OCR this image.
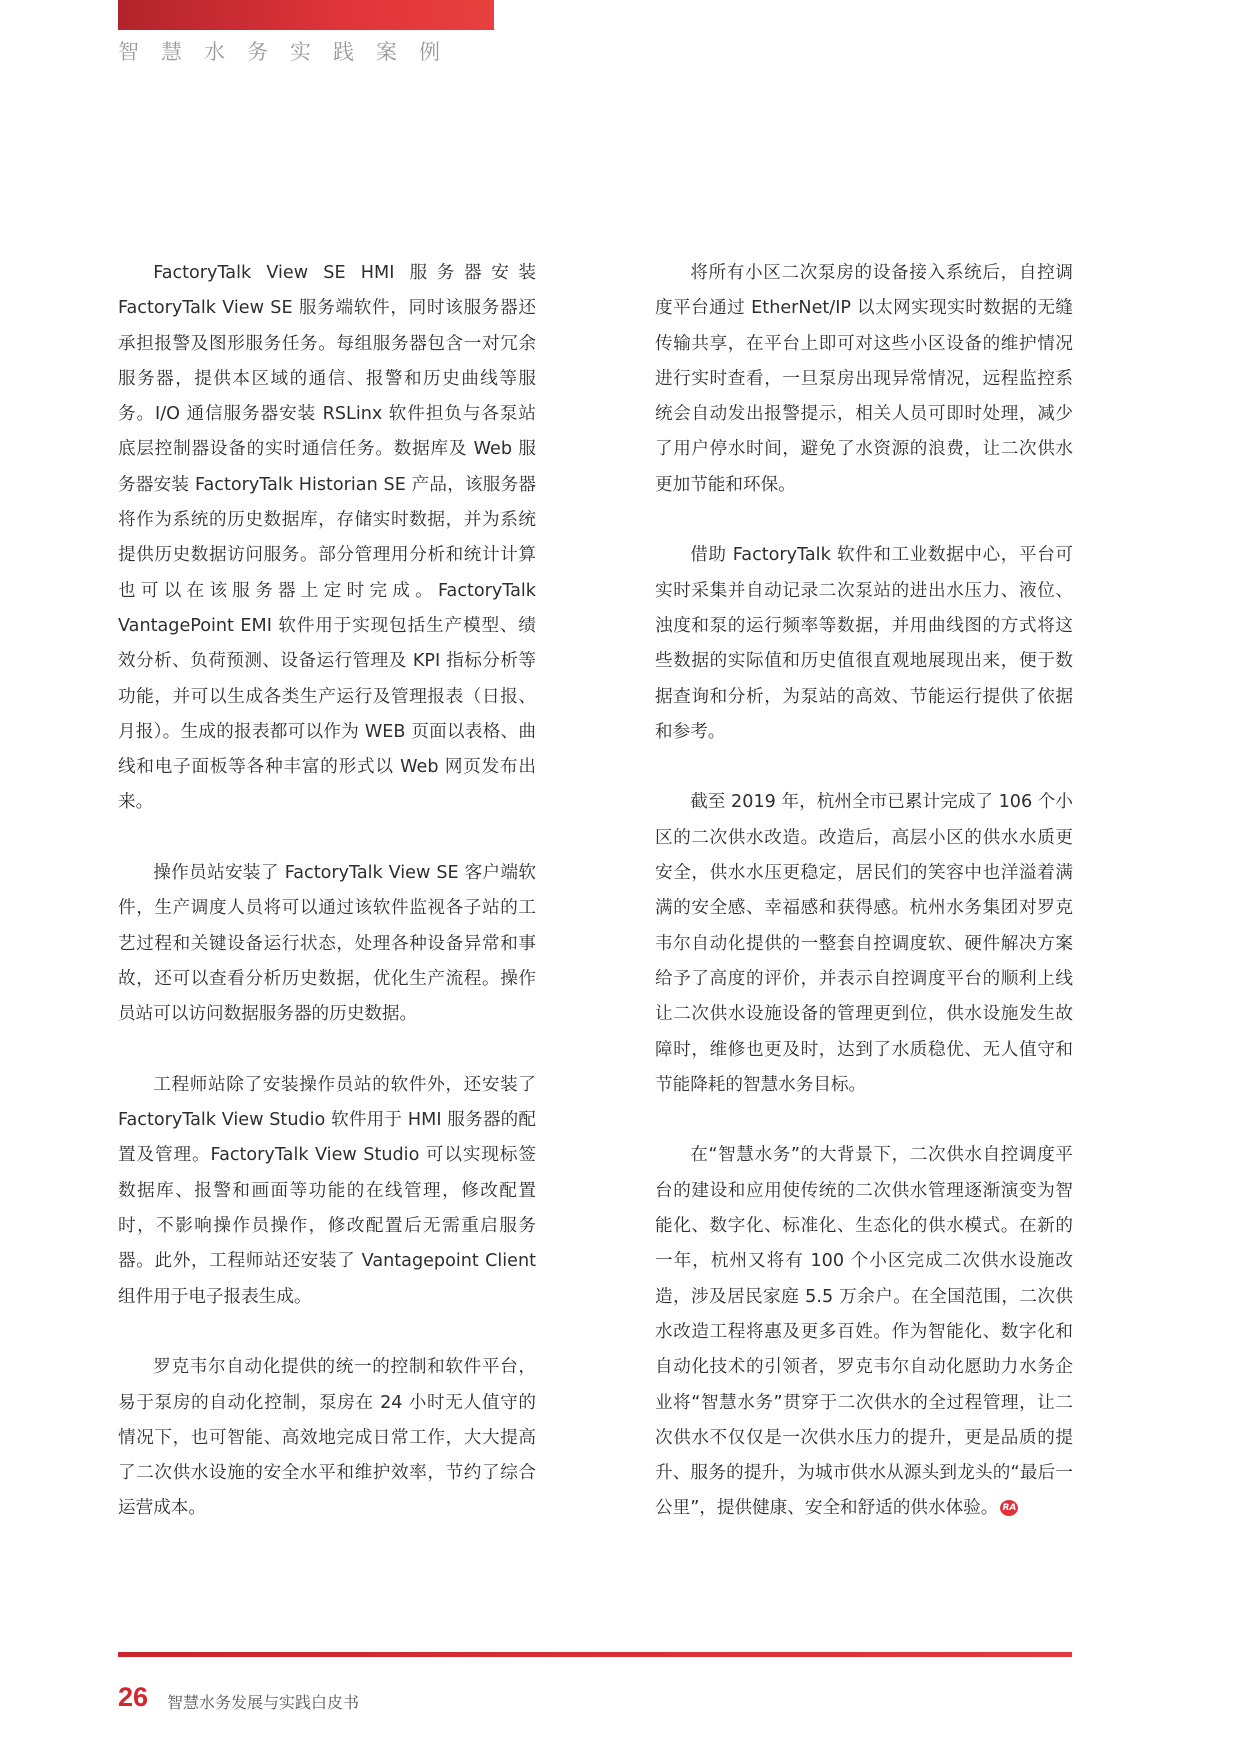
智慧水务实践案例

FactoryTalk View SE HMI 服务器安装 FactoryTalk View SE 服务端软件，同时该服务器还承担报警及图形服务任务。每组服务器包含一对冗余服务器，提供本区域的通信、报警和历史曲线等服务。I/O 通信服务器安装 RSLinx 软件担负与各泵站底层控制器设备的实时通信任务。数据库及 Web 服务器安装 FactoryTalk Historian SE 产品，该服务器将作为系统的历史数据库，存储实时数据，并为系统提供历史数据访问服务。部分管理用分析和统计计算也可以在该服务器上定时完成。FactoryTalk VantagePoint EMI 软件用于实现包括生产模型、绩效分析、负荷预测、设备运行管理及 KPI 指标分析等功能，并可以生成各类生产运行及管理报表（日报、月报）。生成的报表都可以作为 WEB 页面以表格、曲线和电子面板等各种丰富的形式以 Web 网页发布出来。

操作员站安装了 FactoryTalk View SE 客户端软件，生产调度人员将可以通过该软件监视各子站的工艺过程和关键设备运行状态，处理各种设备异常和事故，还可以查看分析历史数据，优化生产流程。操作员站可以访问数据服务器的历史数据。

工程师站除了安装操作员站的软件外，还安装了 FactoryTalk View Studio 软件用于 HMI 服务器的配置及管理。FactoryTalk View Studio 可以实现标签数据库、报警和画面等功能的在线管理，修改配置时，不影响操作员操作，修改配置后无需重启服务器。此外，工程师站还安装了 Vantagepoint Client 组件用于电子报表生成。

罗克韦尔自动化提供的统一的控制和软件平台，易于泵房的自动化控制，泵房在 24 小时无人值守的情况下，也可智能、高效地完成日常工作，大大提高了二次供水设施的安全水平和维护效率，节约了综合运营成本。

将所有小区二次泵房的设备接入系统后，自控调度平台通过 EtherNet/IP 以太网实现实时数据的无缝传输共享，在平台上即可对这些小区设备的维护情况进行实时查看，一旦泵房出现异常情况，远程监控系统会自动发出报警提示，相关人员可即时处理，减少了用户停水时间，避免了水资源的浪费，让二次供水更加节能和环保。

借助 FactoryTalk 软件和工业数据中心，平台可实时采集并自动记录二次泵站的进出水压力、液位、浊度和泵的运行频率等数据，并用曲线图的方式将这些数据的实际值和历史值很直观地展现出来，便于数据查询和分析，为泵站的高效、节能运行提供了依据和参考。

截至 2019 年，杭州全市已累计完成了 106 个小区的二次供水改造。改造后，高层小区的供水水质更安全，供水水压更稳定，居民们的笑容中也洋溢着满满的安全感、幸福感和获得感。杭州水务集团对罗克韦尔自动化提供的一整套自控调度软、硬件解决方案给予了高度的评价，并表示自控调度平台的顺利上线让二次供水设施设备的管理更到位，供水设施发生故障时，维修也更及时，达到了水质稳优、无人值守和节能降耗的智慧水务目标。

在“智慧水务”的大背景下，二次供水自控调度平台的建设和应用使传统的二次供水管理逐渐演变为智能化、数字化、标准化、生态化的供水模式。在新的一年，杭州又将有 100 个小区完成二次供水设施改造，涉及居民家庭 5.5 万余户。在全国范围，二次供水改造工程将惠及更多百姓。作为智能化、数字化和自动化技术的引领者，罗克韦尔自动化愿助力水务企业将“智慧水务”贯穿于二次供水的全过程管理，让二次供水不仅仅是一次供水压力的提升，更是品质的提升、服务的提升，为城市供水从源头到龙头的“最后一公里”，提供健康、安全和舒适的供水体验。 RA

26 智慧水务发展与实践白皮书
